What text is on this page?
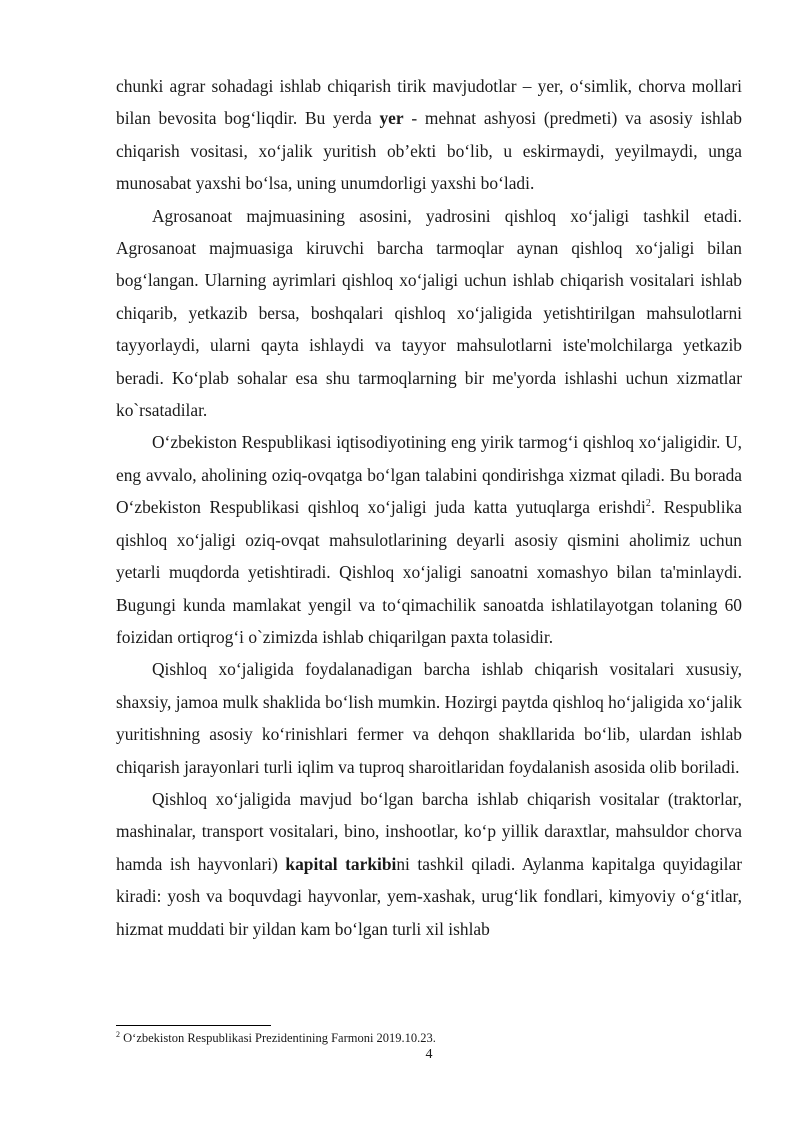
chunki agrar sohadagi ishlab chiqarish tirik mavjudotlar – yer, oʻsimlik, chorva mollari bilan bevosita bogʻliqdir. Bu yerda yer - mehnat ashyosi (predmeti) va asosiy ishlab chiqarish vositasi, xoʻjalik yuritish obʼekti boʻlib, u eskirmaydi, yeyilmaydi, unga munosabat yaxshi boʻlsa, uning unumdorligi yaxshi boʻladi.

Agrosanoat majmuasining asosini, yadrosini qishloq xoʻjaligi tashkil etadi. Agrosanoat majmuasiga kiruvchi barcha tarmoqlar aynan qishloq xoʻjaligi bilan bogʻlangan. Ularning ayrimlari qishloq xoʻjaligi uchun ishlab chiqarish vositalari ishlab chiqarib, yetkazib bersa, boshqalari qishloq xoʻjaligida yetishtirilgan mahsulotlarni tayyorlaydi, ularni qayta ishlaydi va tayyor mahsulotlarni iste'molchilarga yetkazib beradi. Koʻplab sohalar esa shu tarmoqlarning bir me'yorda ishlashi uchun xizmatlar ko`rsatadilar.

Oʻzbekiston Respublikasi iqtisodiyotining eng yirik tarmogʻi qishloq xoʻjaligidir. U, eng avvalo, aholining oziq-ovqatga boʻlgan talabini qondirishga xizmat qiladi. Bu borada Oʻzbekiston Respublikasi qishloq xoʻjaligi juda katta yutuqlarga erishdi$^2$. Respublika qishloq xoʻjaligi oziq-ovqat mahsulotlarining deyarli asosiy qismini aholimiz uchun yetarli muqdorda yetishtiradi. Qishloq xoʻjaligi sanoatni xomashyo bilan ta'minlaydi. Bugungi kunda mamlakat yengil va toʻqimachilik sanoatda ishlatilayotgan tolaning 60 foizidan ortiqrogʻi o`zimizda ishlab chiqarilgan paxta tolasidir.

Qishloq xoʻjaligida foydalanadigan barcha ishlab chiqarish vositalari xususiy, shaxsiy, jamoa mulk shaklida boʻlish mumkin. Hozirgi paytda qishloq hoʻjaligida xoʻjalik yuritishning asosiy koʻrinishlari fermer va dehqon shakllarida boʻlib, ulardan ishlab chiqarish jarayonlari turli iqlim va tuproq sharoitlaridan foydalanish asosida olib boriladi.

Qishloq xoʻjaligida mavjud boʻlgan barcha ishlab chiqarish vositalar (traktorlar, mashinalar, transport vositalari, bino, inshootlar, koʻp yillik daraxtlar, mahsuldor chorva hamda ish hayvonlari) kapital tarkibini tashkil qiladi. Aylanma kapitalga quyidagilar kiradi: yosh va boquvdagi hayvonlar, yem-xashak, urugʻlik fondlari, kimyoviy oʻgʻitlar, hizmat muddati bir yildan kam boʻlgan turli xil ishlab

$^2$ Oʻzbekiston Respublikasi Prezidentining Farmoni 2019.10.23.
4
